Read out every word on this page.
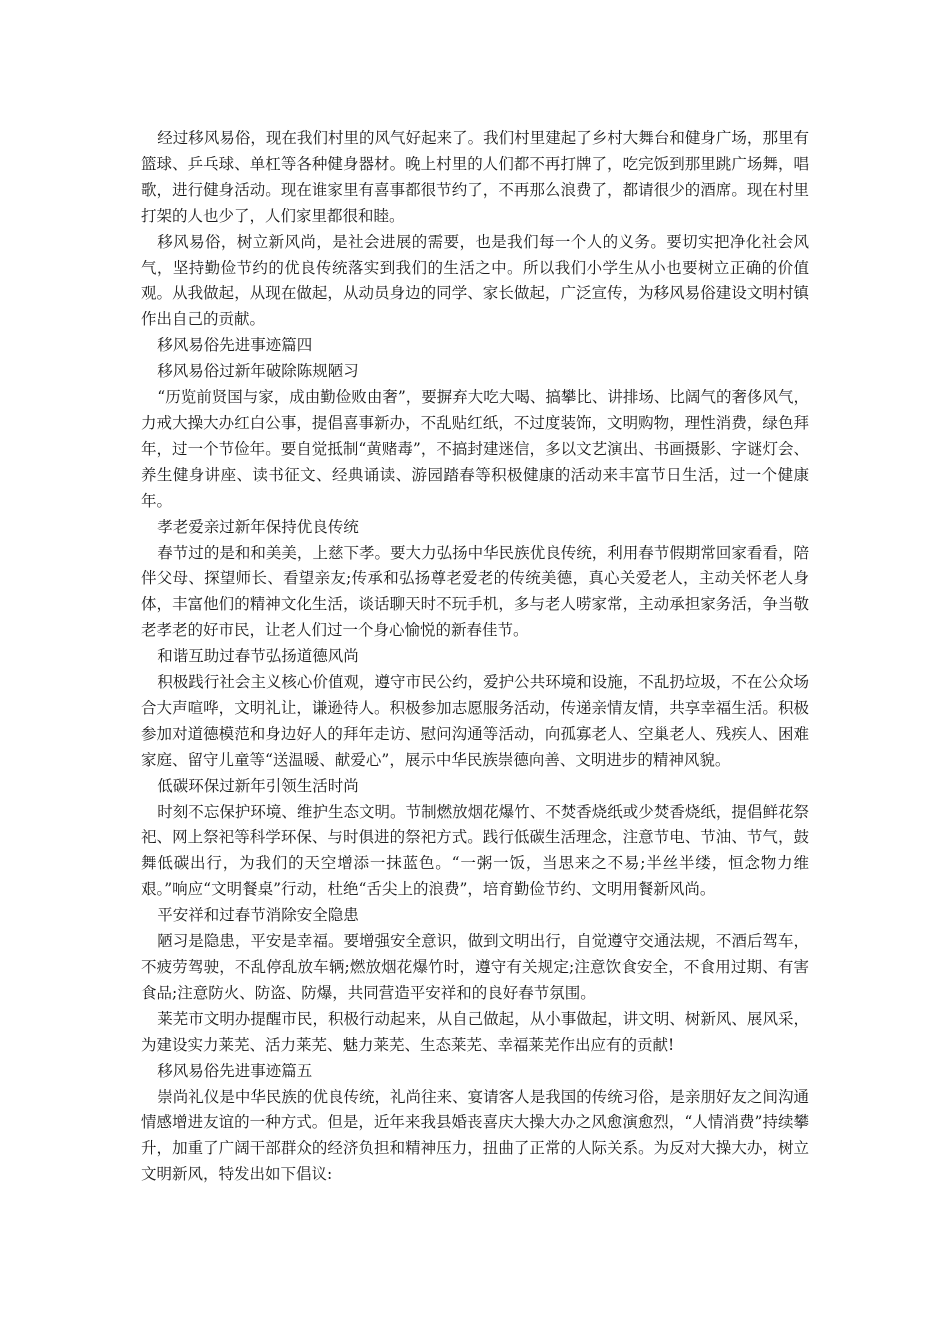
经过移风易俗，现在我们村里的风气好起来了。我们村里建起了乡村大舞台和健身广场，那里有篮球、乒乓球、单杠等各种健身器材。晚上村里的人们都不再打牌了，吃完饭到那里跳广场舞，唱歌，进行健身活动。现在谁家里有喜事都很节约了，不再那么浪费了，都请很少的酒席。现在村里打架的人也少了，人们家里都很和睦。

移风易俗，树立新风尚，是社会进展的需要，也是我们每一个人的义务。要切实把净化社会风气，坚持勤俭节约的优良传统落实到我们的生活之中。所以我们小学生从小也要树立正确的价值观。从我做起，从现在做起，从动员身边的同学、家长做起，广泛宣传，为移风易俗建设文明村镇作出自己的贡献。

移风易俗先进事迹篇四

移风易俗过新年破除陈规陋习

“历览前贤国与家，成由勤俭败由奢”，要摒弃大吃大喝、搞攀比、讲排场、比阔气的奢侈风气，力戒大操大办红白公事，提倡喜事新办，不乱贴红纸，不过度装饰，文明购物，理性消费，绿色拜年，过一个节俭年。要自觉抵制“黄赌毒”，不搞封建迷信，多以文艺演出、书画摄影、字谜灯会、养生健身讲座、读书征文、经典诵读、游园踏春等积极健康的活动来丰富节日生活，过一个健康年。

孝老爱亲过新年保持优良传统

春节过的是和和美美，上慈下孝。要大力弘扬中华民族优良传统，利用春节假期常回家看看，陪伴父母、探望师长、看望亲友;传承和弘扬尊老爱老的传统美德，真心关爱老人，主动关怀老人身体，丰富他们的精神文化生活，谈话聊天时不玩手机，多与老人唠家常，主动承担家务活，争当敬老孝老的好市民，让老人们过一个身心愉悦的新春佳节。

和谐互助过春节弘扬道德风尚

积极践行社会主义核心价值观，遵守市民公约，爱护公共环境和设施，不乱扔垃圾，不在公众场合大声喧哗，文明礼让，谦逊待人。积极参加志愿服务活动，传递亲情友情，共享幸福生活。积极参加对道德模范和身边好人的拜年走访、慰问沟通等活动，向孤寡老人、空巢老人、残疾人、困难家庭、留守儿童等“送温暖、献爱心”，展示中华民族崇德向善、文明进步的精神风貌。

低碳环保过新年引领生活时尚

时刻不忘保护环境、维护生态文明。节制燃放烟花爆竹、不焚香烧纸或少焚香烧纸，提倡鲜花祭祀、网上祭祀等科学环保、与时俱进的祭祀方式。践行低碳生活理念，注意节电、节油、节气，鼓舞低碳出行，为我们的天空增添一抹蓝色。“一粥一饭，当思来之不易;半丝半缕，恒念物力维艰。”响应“文明餐桌”行动，杜绝“舌尖上的浪费”，培育勤俭节约、文明用餐新风尚。

平安祥和过春节消除安全隐患

陋习是隐患，平安是幸福。要增强安全意识，做到文明出行，自觉遵守交通法规，不酒后驾车，不疲劳驾驶，不乱停乱放车辆;燃放烟花爆竹时，遵守有关规定;注意饮食安全，不食用过期、有害食品;注意防火、防盗、防爆，共同营造平安祥和的良好春节氛围。

莱芜市文明办提醒市民，积极行动起来，从自己做起，从小事做起，讲文明、树新风、展风采，为建设实力莱芜、活力莱芜、魅力莱芜、生态莱芜、幸福莱芜作出应有的贡献!

移风易俗先进事迹篇五

崇尚礼仪是中华民族的优良传统，礼尚往来、宴请客人是我国的传统习俗，是亲朋好友之间沟通情感增进友谊的一种方式。但是，近年来我县婚丧喜庆大操大办之风愈演愈烈，“人情消费”持续攀升，加重了广阔干部群众的经济负担和精神压力，扭曲了正常的人际关系。为反对大操大办，树立文明新风，特发出如下倡议:
